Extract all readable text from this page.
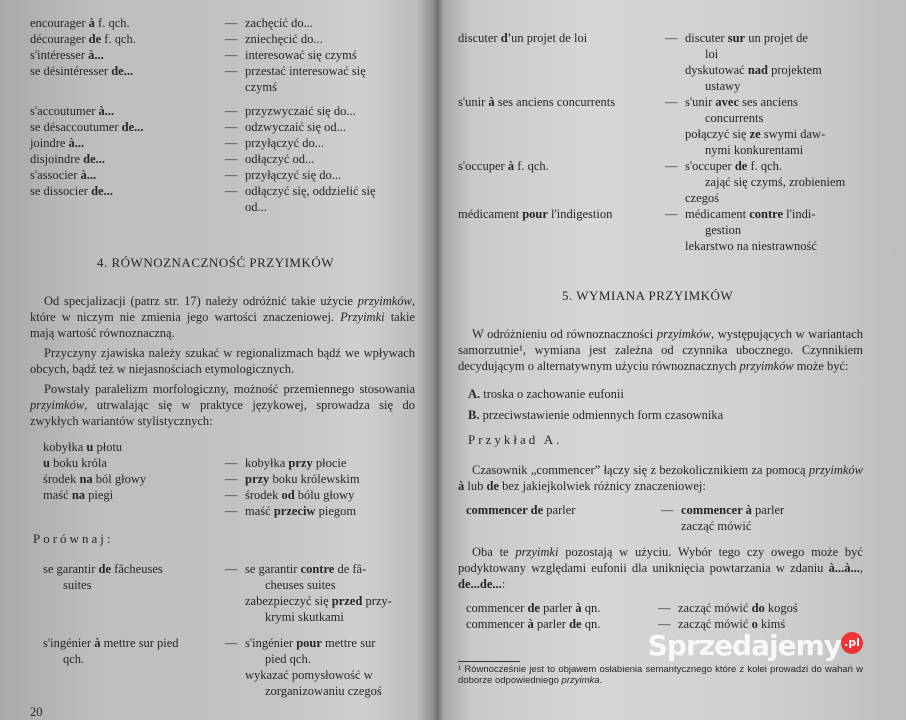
encourager à f. qch.	— zachęcić do...
décourager de f. qch.	— zniechęcić do...
s'intéresser à...	— interesować się czymś
se désintéresser de...	— przestać interesować się
czymś
s'accoutumer à...	— przyzwyczaić się do...
se désaccoutumer de...	— odzwyczaić się od...
joindre à...	— przyłączyć do...
disjoindre de...	— odłączyć od...
s'associer à...	— przyłączyć się do...
se dissocier de...	— odłączyć się, oddzielić się
od...
4. RÓWNOZNACZNOŚĆ PRZYIMKÓW
Od specjalizacji (patrz str. 17) należy odróżnić takie użycie przyimków, które w niczym nie zmienia jego wartości znaczeniowej. Przyimki takie mają wartość równoznaczną.
Przyczyny zjawiska należy szukać w regionalizmach bądź we wpływach obcych, bądź też w niejasnościach etymologicznych.
Powstały paralelizm morfologiczny, możność przemiennego stosowania przyimków, utrwalając się w praktyce językowej, sprowadza się do zwykłych wariantów stylistycznych:
kobyłka u płotu
u boku króla	— kobyłka przy płocie
środek na ból głowy	— przy boku królewskim
maść na piegi	— środek od bólu głowy
— maść przeciw piegom
Porównaj:
se garantir de fâcheuses
suites
— se garantir contre de fâ-
cheuses suites
zabezpieczyć się przed przy-
krymi skutkami
s'ingénier à mettre sur pied
qch.
— s'ingénier pour mettre sur
pied qch.
wykazać pomysłowość w
zorganizowaniu czegoś
20
discuter d'un projet de loi	— discuter sur un projet de
loi
dyskutować nad projektem
ustawy
s'unir à ses anciens concurrents	— s'unir avec ses anciens
concurrents
połączyć się ze swymi daw-
nymi konkurentami
s'occuper à f. qch.	— s'occuper de f. qch.
zająć się czymś, zrobieniem
czegoś
médicament pour l'indigestion	— médicament contre l'indi-
gestion
lekarstwo na niestrawność
5. WYMIANA PRZYIMKÓW
W odróżnieniu od równoznaczności przyimków, występujących w wariantach samorzutnie¹, wymiana jest zależna od czynnika ubocznego. Czynnikiem decydującym o alternatywnym użyciu równoznacznych przyimków może być:
A. troska o zachowanie eufonii
B. przeciwstawienie odmiennych form czasownika
Przykład A.
Czasownik „commencer” łączy się z bezokolicznikiem za pomocą przyimków à lub de bez jakiejkolwiek różnicy znaczeniowej:
commencer de parler	— commencer à parler
zacząć mówić
Oba te przyimki pozostają w użyciu. Wybór tego czy owego może być podyktowany względami eufonii dla uniknięcia powtarzania w zdaniu à...à..., de...de...:
commencer de parler à qn.	— zacząć mówić do kogoś
commencer à parler de qn.	— zacząć mówić o kimś
Sprzedajemy .pl
¹ Równocześnie jest to objawem osłabienia semantycznego które z kolei prowadzi do wahań w doborze odpowiedniego przyimka.
